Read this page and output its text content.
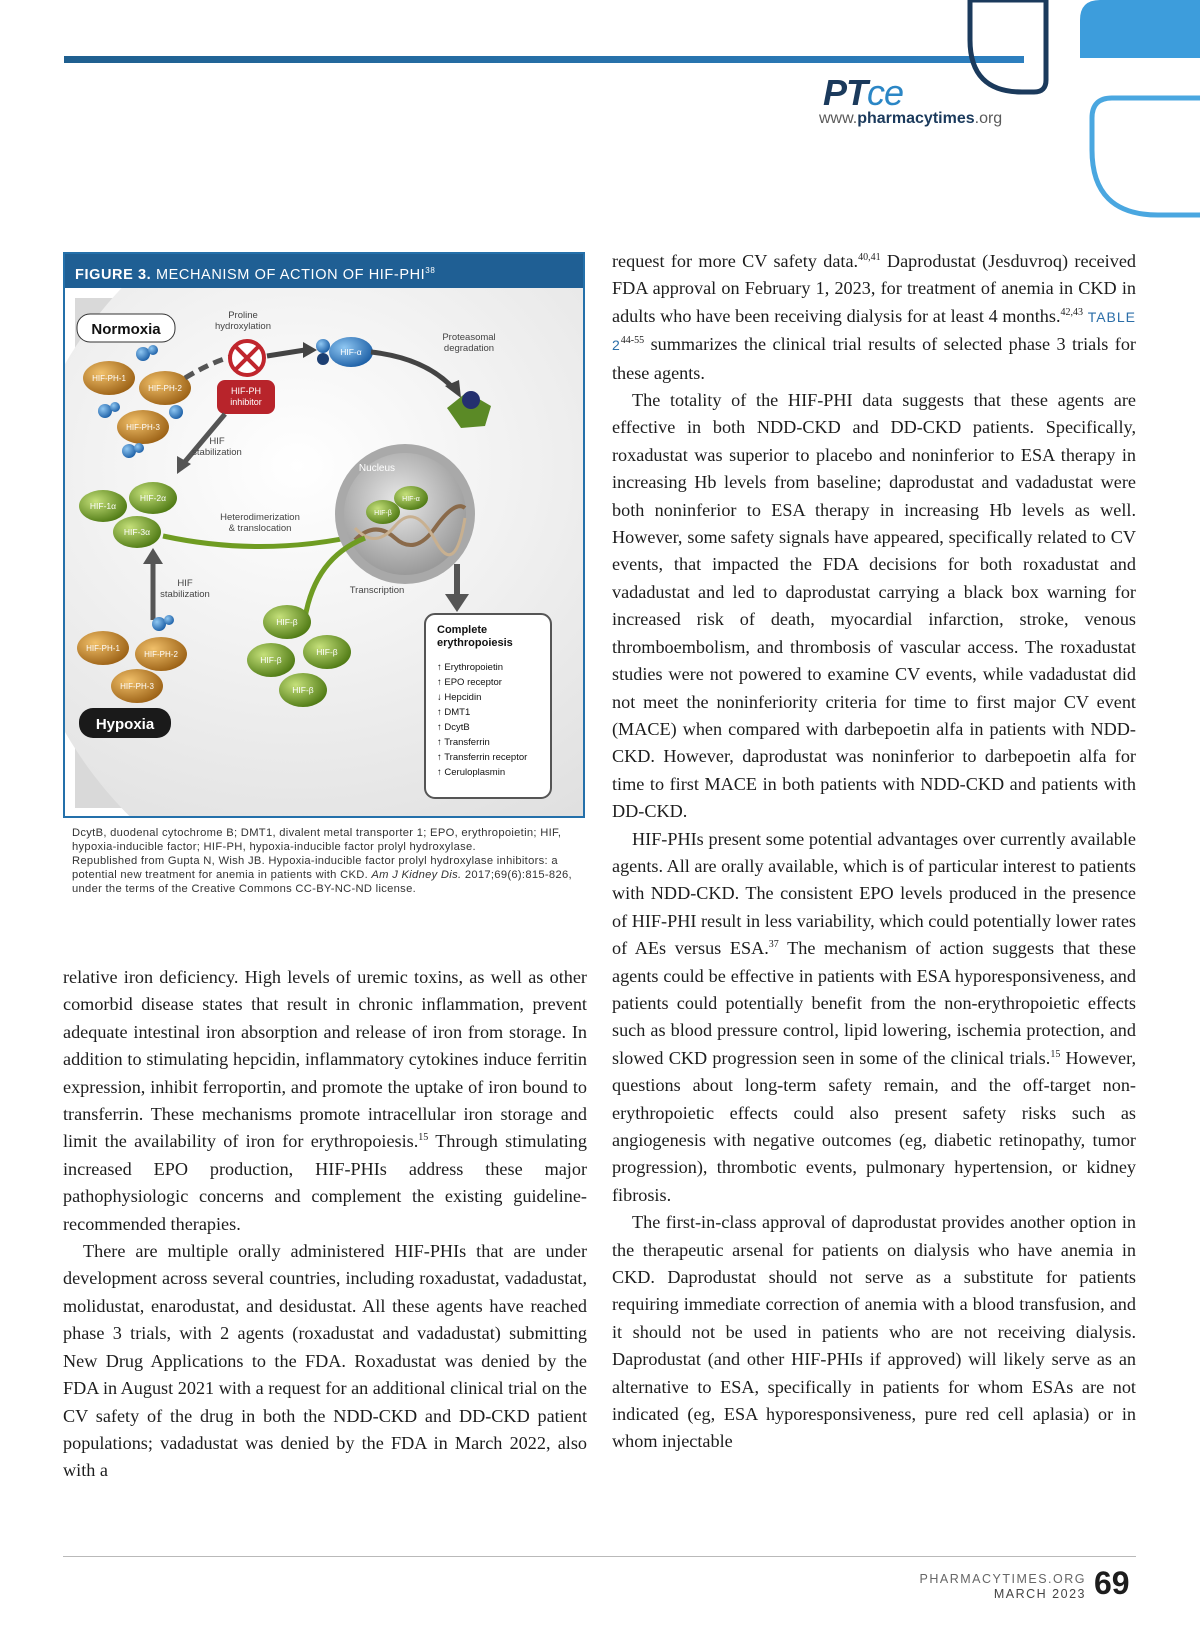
PTce
www.pharmacytimes.org
FIGURE 3. MECHANISM OF ACTION OF HIF-PHI$^{38}$
Normoxia
Proline
hydroxylation
HIF-PH-1
HIF-PH-2
HIF-PH-3
HIF-α
Proteasomal
degradation
HIF-PH
inhibitor
HIF
stabilization
HIF-1α
HIF-2α
HIF-3α
Heterodimerization
& translocation
Nucleus
HIF-β
HIF-α
Transcription
HIF-β
HIF-β
HIF-β
HIF-β
HIF
stabilization
HIF-PH-1
HIF-PH-2
HIF-PH-3
Hypoxia
Complete
erythropoiesis
↑ Erythropoietin
↑ EPO receptor
↓ Hepcidin
↑ DMT1
↑ DcytB
↑ Transferrin
↑ Transferrin receptor
↑ Ceruloplasmin

DcytB, duodenal cytochrome B; DMT1, divalent metal transporter 1; EPO, erythropoietin; HIF, hypoxia-inducible factor; HIF-PH, hypoxia-inducible factor prolyl hydroxylase.

Republished from Gupta N, Wish JB. Hypoxia-inducible factor prolyl hydroxylase inhibitors: a potential new treatment for anemia in patients with CKD. Am J Kidney Dis. 2017;69(6):815-826, under the terms of the Creative Commons CC-BY-NC-ND license.

relative iron deficiency. High levels of uremic toxins, as well as other comorbid disease states that result in chronic inflammation, prevent adequate intestinal iron absorption and release of iron from storage. In addition to stimulating hepcidin, inflammatory cytokines induce ferritin expression, inhibit ferroportin, and promote the uptake of iron bound to transferrin. These mechanisms promote intracellular iron storage and limit the availability of iron for erythropoiesis.$^{15}$ Through stimulating increased EPO production, HIF-PHIs address these major pathophysiologic concerns and complement the existing guideline-recommended therapies.

There are multiple orally administered HIF-PHIs that are under development across several countries, including roxadustat, vadadustat, molidustat, enarodustat, and desidustat. All these agents have reached phase 3 trials, with 2 agents (roxadustat and vadadustat) submitting New Drug Applications to the FDA. Roxadustat was denied by the FDA in August 2021 with a request for an additional clinical trial on the CV safety of the drug in both the NDD-CKD and DD-CKD patient populations; vadadustat was denied by the FDA in March 2022, also with a

request for more CV safety data.$^{40,41}$ Daprodustat (Jesduvroq) received FDA approval on February 1, 2023, for treatment of anemia in CKD in adults who have been receiving dialysis for at least 4 months.$^{42,43}$ TABLE 2$^{44-55}$ summarizes the clinical trial results of selected phase 3 trials for these agents.

The totality of the HIF-PHI data suggests that these agents are effective in both NDD-CKD and DD-CKD patients. Specifically, roxadustat was superior to placebo and noninferior to ESA therapy in increasing Hb levels from baseline; daprodustat and vadadustat were both noninferior to ESA therapy in increasing Hb levels as well. However, some safety signals have appeared, specifically related to CV events, that impacted the FDA decisions for both roxadustat and vadadustat and led to daprodustat carrying a black box warning for increased risk of death, myocardial infarction, stroke, venous thromboembolism, and thrombosis of vascular access. The roxadustat studies were not powered to examine CV events, while vadadustat did not meet the noninferiority criteria for time to first major CV event (MACE) when compared with darbepoetin alfa in patients with NDD-CKD. However, daprodustat was noninferior to darbepoetin alfa for time to first MACE in both patients with NDD-CKD and patients with DD-CKD.

HIF-PHIs present some potential advantages over currently available agents. All are orally available, which is of particular interest to patients with NDD-CKD. The consistent EPO levels produced in the presence of HIF-PHI result in less variability, which could potentially lower rates of AEs versus ESA.$^{37}$ The mechanism of action suggests that these agents could be effective in patients with ESA hyporesponsiveness, and patients could potentially benefit from the non-erythropoietic effects such as blood pressure control, lipid lowering, ischemia protection, and slowed CKD progression seen in some of the clinical trials.$^{15}$ However, questions about long-term safety remain, and the off-target non-erythropoietic effects could also present safety risks such as angiogenesis with negative outcomes (eg, diabetic retinopathy, tumor progression), thrombotic events, pulmonary hypertension, or kidney fibrosis.

The first-in-class approval of daprodustat provides another option in the therapeutic arsenal for patients on dialysis who have anemia in CKD. Daprodustat should not serve as a substitute for patients requiring immediate correction of anemia with a blood transfusion, and it should not be used in patients who are not receiving dialysis. Daprodustat (and other HIF-PHIs if approved) will likely serve as an alternative to ESA, specifically in patients for whom ESAs are not indicated (eg, ESA hyporesponsiveness, pure red cell aplasia) or in whom injectable

PHARMACYTIMES.ORG
MARCH 2023 69
